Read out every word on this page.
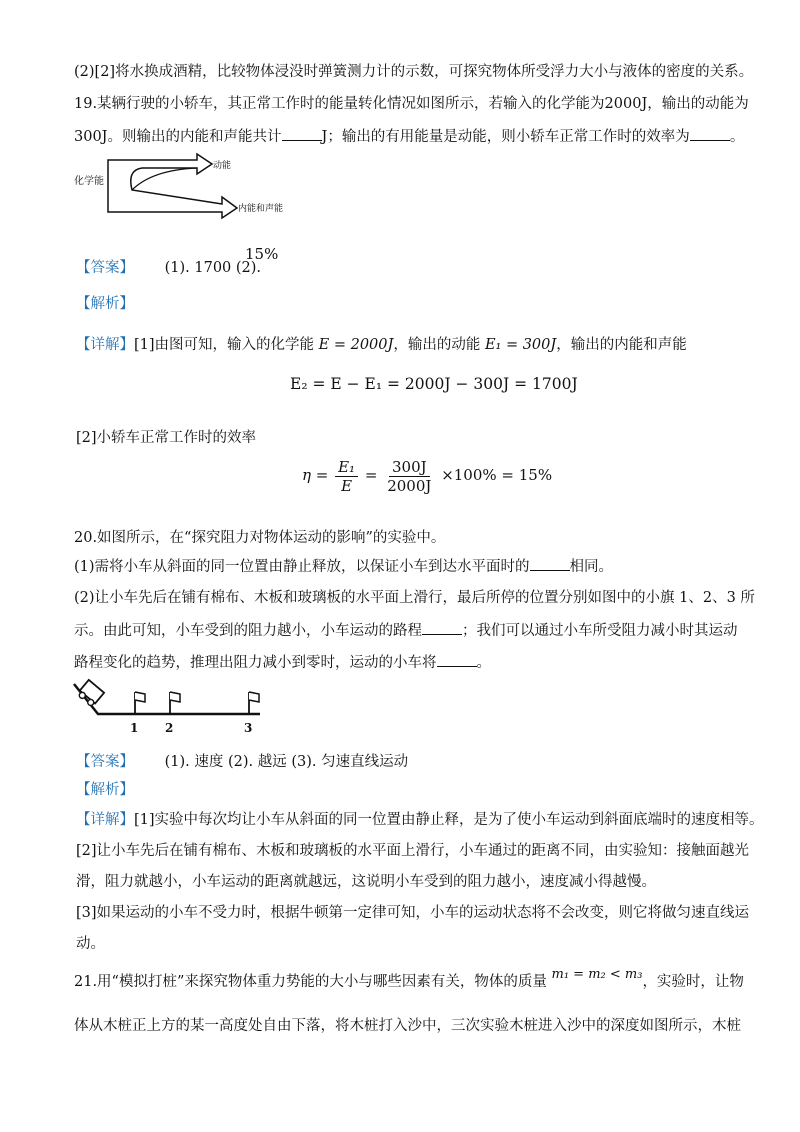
(2)[2]将水换成酒精，比较物体浸没时弹簧测力计的示数，可探究物体所受浮力大小与液体的密度的关系。
19.某辆行驶的小轿车，其正常工作时的能量转化情况如图所示，若输入的化学能为2000J，输出的动能为
300J。则输出的内能和声能共计	J；输出的有用能量是动能，则小轿车正常工作时的效率为	。
化学能
动能
内能和声能
【答案】 (1). 1700 (2).
15%
【解析】
【详解】[1]由图可知，输入的化学能 E = 2000J，输出的动能 E₁ = 300J，输出的内能和声能
E₂ = E − E₁ = 2000J − 300J = 1700J
[2]小轿车正常工作时的效率
$\eta = \frac{\text{E₁}}{E} = \frac{300J}{2000J} \times 100\% = 15\%$
20.如图所示，在“探究阻力对物体运动的影响”的实验中。
(1)需将小车从斜面的同一位置由静止释放，以保证小车到达水平面时的	相同。
(2)让小车先后在铺有棉布、木板和玻璃板的水平面上滑行，最后所停的位置分别如图中的小旗 1、2、3 所
示。由此可知，小车受到的阻力越小，小车运动的路程	；我们可以通过小车所受阻力减小时其运动
路程变化的趋势，推理出阻力减小到零时，运动的小车将	。
1 2	3
【答案】 (1). 速度 (2). 越远 (3). 匀速直线运动
【解析】
【详解】[1]实验中每次均让小车从斜面的同一位置由静止释，是为了使小车运动到斜面底端时的速度相等。
[2]让小车先后在铺有棉布、木板和玻璃板的水平面上滑行，小车通过的距离不同，由实验知：接触面越光
滑，阻力就越小，小车运动的距离就越远，这说明小车受到的阻力越小，速度减小得越慢。
[3]如果运动的小车不受力时，根据牛顿第一定律可知，小车的运动状态将不会改变，则它将做匀速直线运
动。
21.用“模拟打桩”来探究物体重力势能的大小与哪些因素有关，物体的质量 m₁ = m₂ < m₃，实验时，让物
体从木桩正上方的某一高度处自由下落，将木桩打入沙中，三次实验木桩进入沙中的深度如图所示，木桩
